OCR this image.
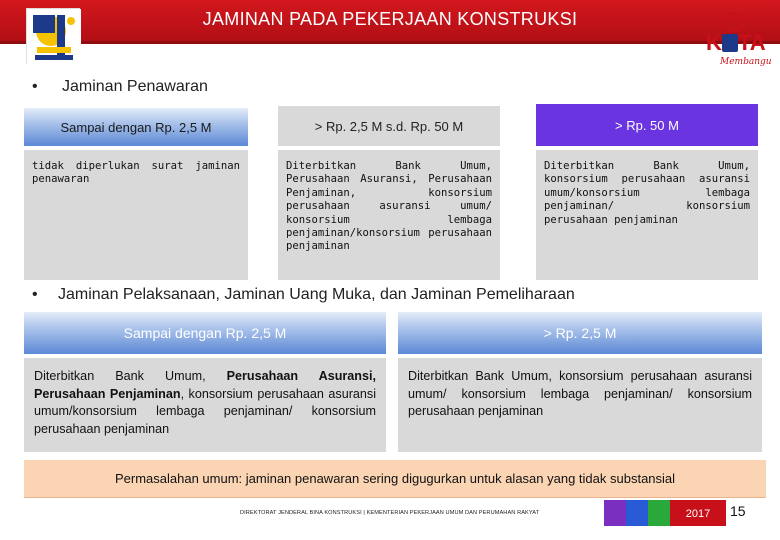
JAMINAN PADA PEKERJAAN KONSTRUKSI
K TA
Membangun
•	Jaminan Penawaran
Sampai dengan Rp. 2,5 M
tidak diperlukan surat jaminan penawaran
> Rp. 2,5 M s.d. Rp. 50 M
Diterbitkan Bank Umum, Perusahaan Asuransi, Perusahaan Penjaminan, konsorsium perusahaan asuransi umum/ konsorsium lembaga penjaminan/konsorsium perusahaan penjaminan
> Rp. 50 M
Diterbitkan Bank Umum, konsorsium perusahaan asuransi umum/konsorsium lembaga penjaminan/ konsorsium perusahaan penjaminan
•	Jaminan Pelaksanaan, Jaminan Uang Muka, dan Jaminan Pemeliharaan
Sampai dengan Rp. 2,5 M
Diterbitkan Bank Umum, Perusahaan Asuransi, Perusahaan Penjaminan, konsorsium perusahaan asuransi umum/konsorsium lembaga penjaminan/ konsorsium perusahaan penjaminan
> Rp. 2,5 M
Diterbitkan Bank Umum, konsorsium perusahaan asuransi umum/ konsorsium lembaga penjaminan/ konsorsium perusahaan penjaminan
Permasalahan umum: jaminan penawaran sering digugurkan untuk alasan yang tidak substansial
DIREKTORAT JENDERAL BINA KONSTRUKSI | KEMENTERIAN PEKERJAAN UMUM DAN PERUMAHAN RAKYAT	2017	15
